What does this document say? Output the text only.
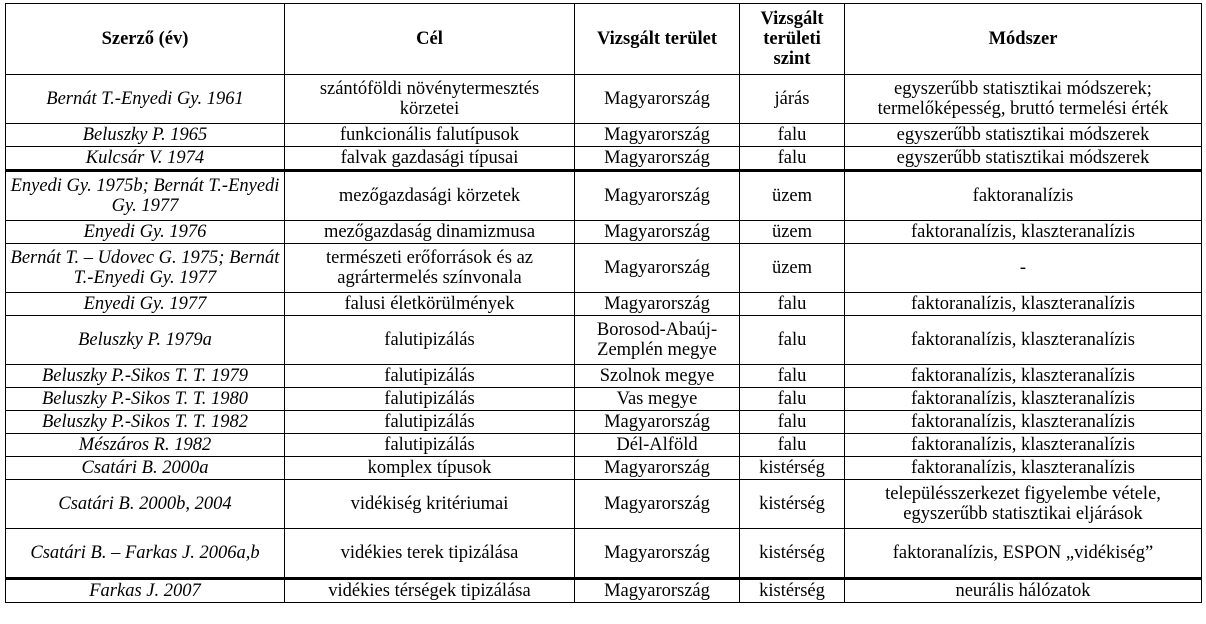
Szerző (év)	Cél	Vizsgált terület	Vizsgált területi szint	Módszer
Bernát T.-Enyedi Gy. 1961	szántóföldi növénytermesztés körzetei	Magyarország	járás	egyszerűbb statisztikai módszerek; termelőképesség, bruttó termelési érték
Beluszky P. 1965	funkcionális falutípusok	Magyarország	falu	egyszerűbb statisztikai módszerek
Kulcsár V. 1974	falvak gazdasági típusai	Magyarország	falu	egyszerűbb statisztikai módszerek
Enyedi Gy. 1975b; Bernát T.-Enyedi Gy. 1977	mezőgazdasági körzetek	Magyarország	üzem	faktoranalízis
Enyedi Gy. 1976	mezőgazdaság dinamizmusa	Magyarország	üzem	faktoranalízis, klaszteranalízis
Bernát T. – Udovec G. 1975; Bernát T.-Enyedi Gy. 1977	természeti erőforrások és az agrártermelés színvonala	Magyarország	üzem	-
Enyedi Gy. 1977	falusi életkörülmények	Magyarország	falu	faktoranalízis, klaszteranalízis
Beluszky P. 1979a	falutipizálás	Borosod-Abaúj-Zemplén megye	falu	faktoranalízis, klaszteranalízis
Beluszky P.-Sikos T. T. 1979	falutipizálás	Szolnok megye	falu	faktoranalízis, klaszteranalízis
Beluszky P.-Sikos T. T. 1980	falutipizálás	Vas megye	falu	faktoranalízis, klaszteranalízis
Beluszky P.-Sikos T. T. 1982	falutipizálás	Magyarország	falu	faktoranalízis, klaszteranalízis
Mészáros R. 1982	falutipizálás	Dél-Alföld	falu	faktoranalízis, klaszteranalízis
Csatári B. 2000a	komplex típusok	Magyarország	kistérség	faktoranalízis, klaszteranalízis
Csatári B. 2000b, 2004	vidékiség kritériumai	Magyarország	kistérség	településszerkezet figyelembe vétele, egyszerűbb statisztikai eljárások
Csatári B. – Farkas J. 2006a,b	vidékies terek tipizálása	Magyarország	kistérség	faktoranalízis, ESPON „vidékiség”
Farkas J. 2007	vidékies térségek tipizálása	Magyarország	kistérség	neurális hálózatok
